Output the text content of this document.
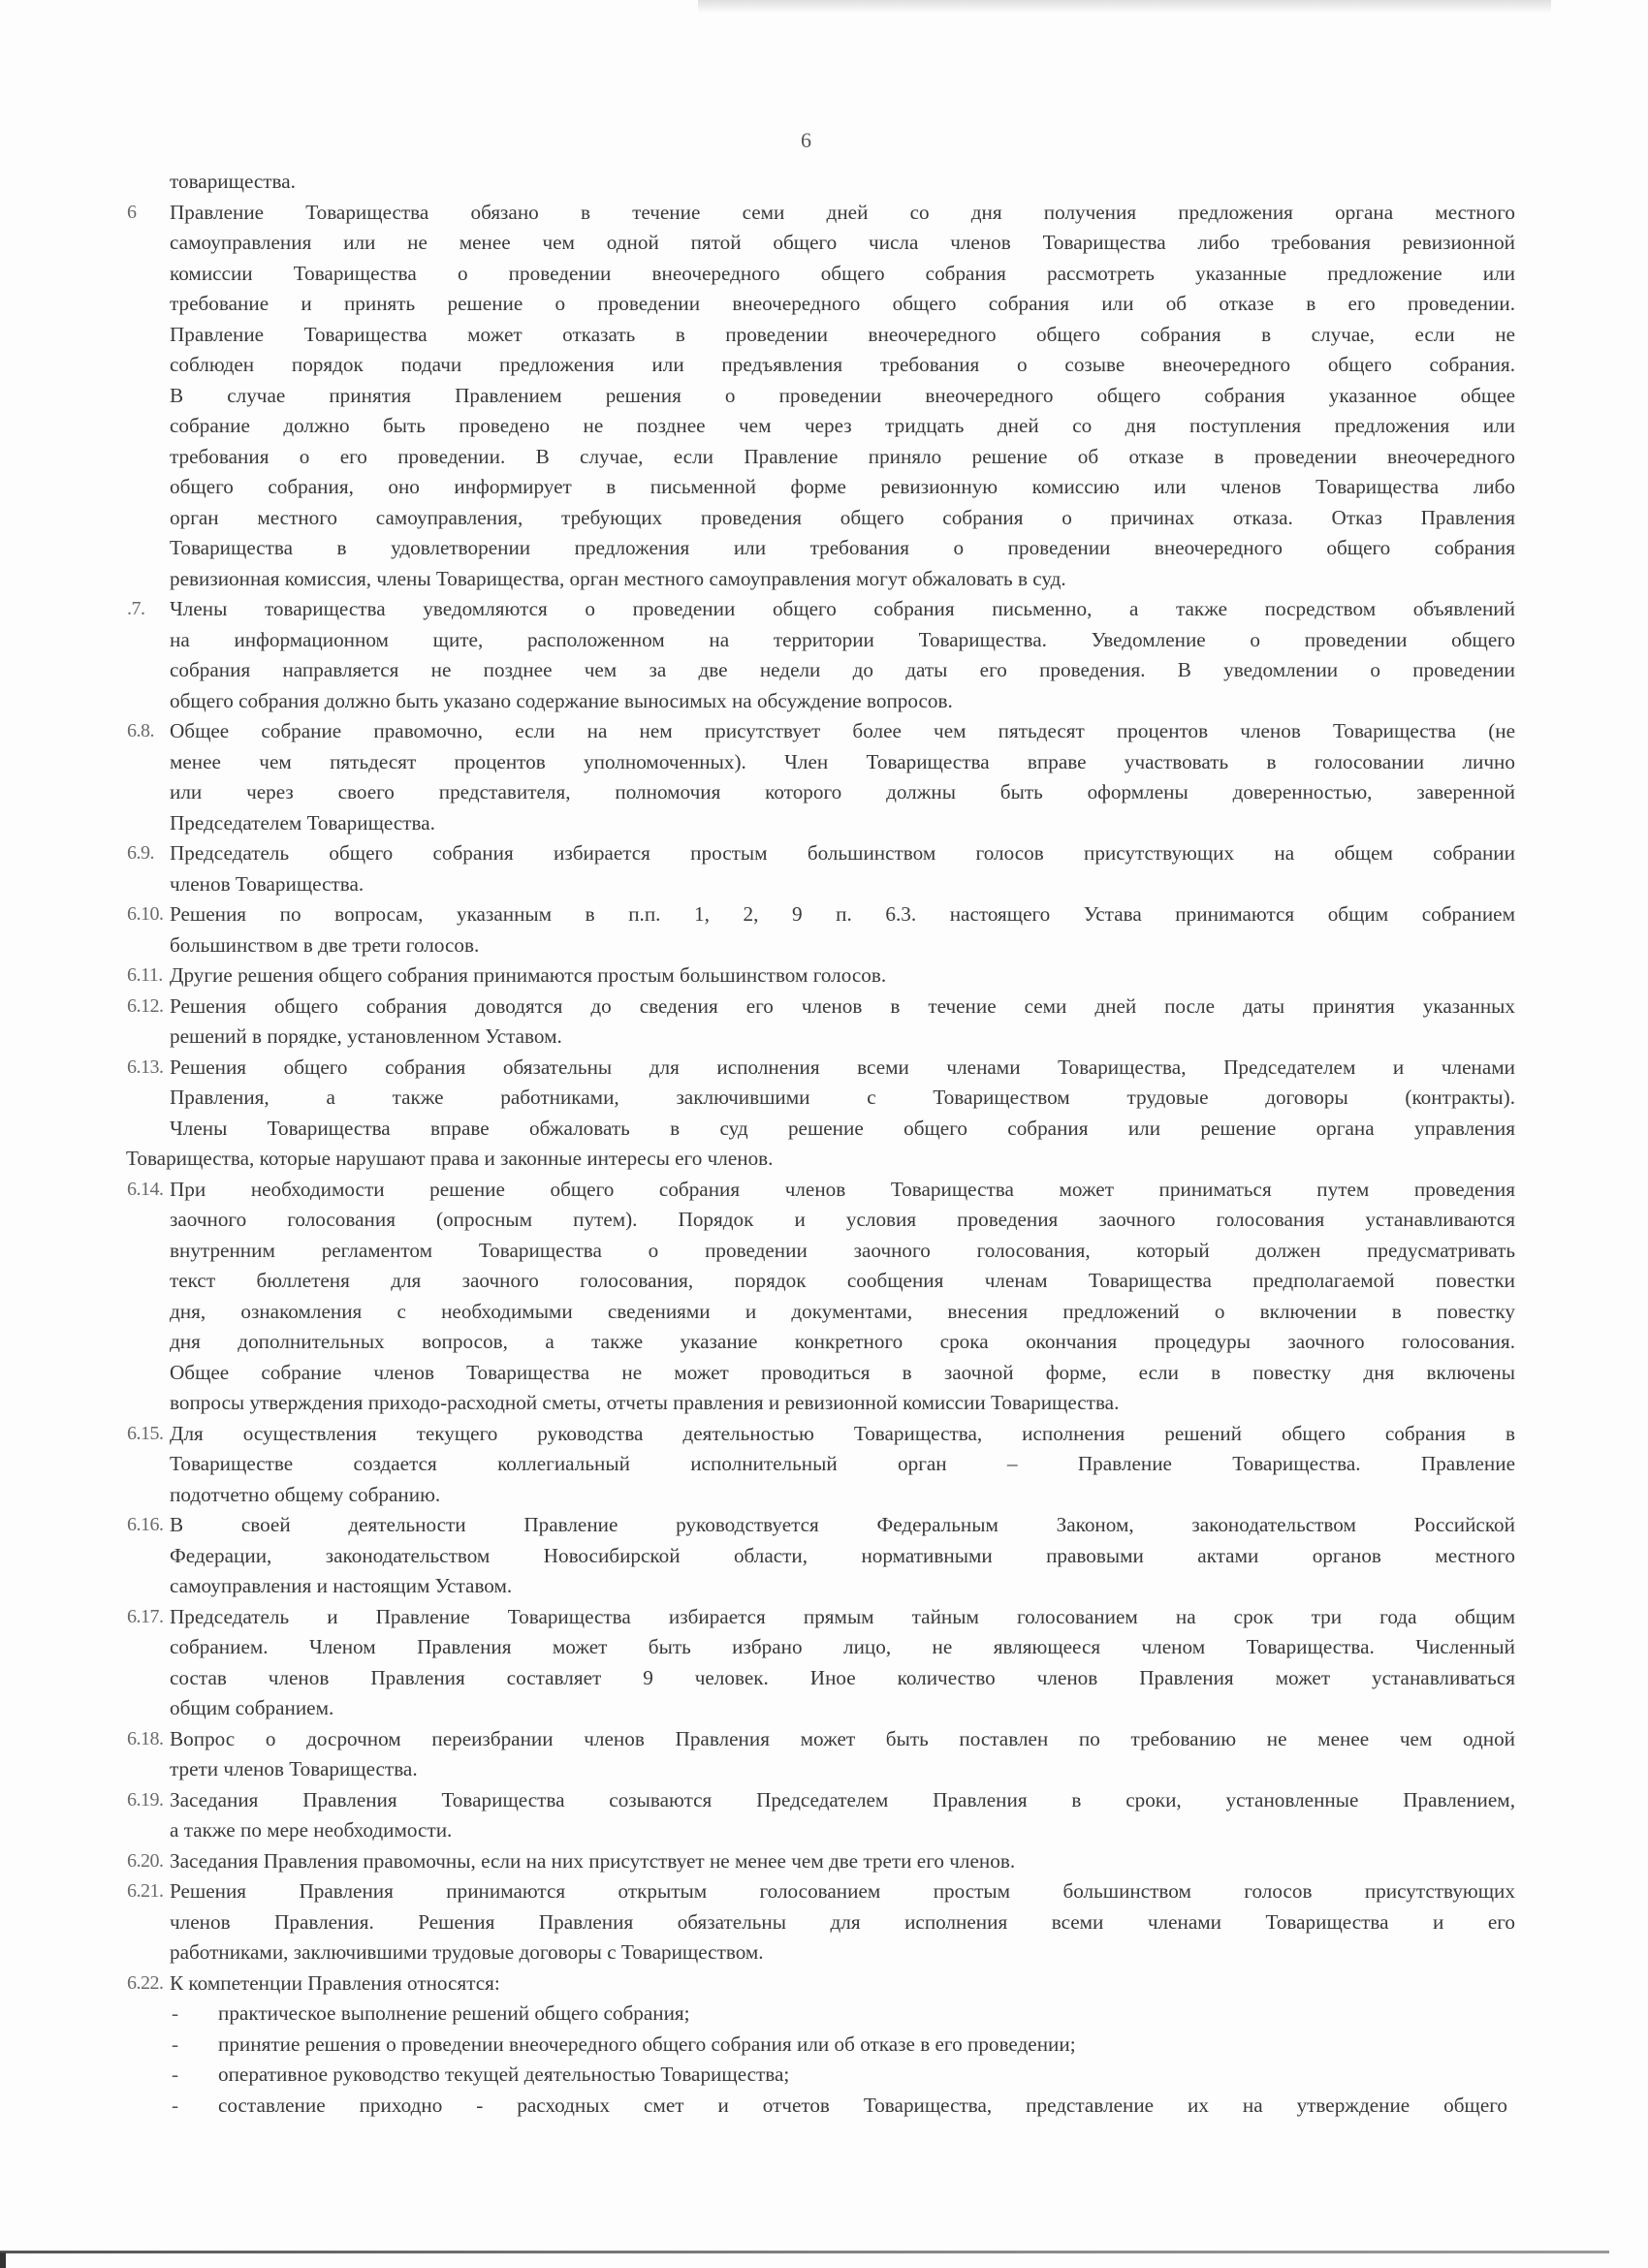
6
товарищества.
6 Правление Товарищества обязано в течение семи дней со дня получения предложения органа местного
самоуправления или не менее чем одной пятой общего числа членов Товарищества либо требования ревизионной
комиссии Товарищества о проведении внеочередного общего собрания рассмотреть указанные предложение или
требование и принять решение о проведении внеочередного общего собрания или об отказе в его проведении.
Правление Товарищества может отказать в проведении внеочередного общего собрания в случае, если не
соблюден порядок подачи предложения или предъявления требования о созыве внеочередного общего собрания.
В случае принятия Правлением решения о проведении внеочередного общего собрания указанное общее
собрание должно быть проведено не позднее чем через тридцать дней со дня поступления предложения или
требования о его проведении. В случае, если Правление приняло решение об отказе в проведении внеочередного
общего собрания, оно информирует в письменной форме ревизионную комиссию или членов Товарищества либо
орган местного самоуправления, требующих проведения общего собрания о причинах отказа. Отказ Правления
Товарищества в удовлетворении предложения или требования о проведении внеочередного общего собрания
ревизионная комиссия, члены Товарищества, орган местного самоуправления могут обжаловать в суд.
.7. Члены товарищества уведомляются о проведении общего собрания письменно, а также посредством объявлений
на информационном щите, расположенном на территории Товарищества. Уведомление о проведении общего
собрания направляется не позднее чем за две недели до даты его проведения. В уведомлении о проведении
общего собрания должно быть указано содержание выносимых на обсуждение вопросов.
6.8. Общее собрание правомочно, если на нем присутствует более чем пятьдесят процентов членов Товарищества (не
менее чем пятьдесят процентов уполномоченных). Член Товарищества вправе участвовать в голосовании лично
или через своего представителя, полномочия которого должны быть оформлены доверенностью, заверенной
Председателем Товарищества.
6.9. Председатель общего собрания избирается простым большинством голосов присутствующих на общем собрании
членов Товарищества.
6.10. Решения по вопросам, указанным в п.п. 1, 2, 9 п. 6.3. настоящего Устава принимаются общим собранием
большинством в две трети голосов.
6.11. Другие решения общего собрания принимаются простым большинством голосов.
6.12. Решения общего собрания доводятся до сведения его членов в течение семи дней после даты принятия указанных
решений в порядке, установленном Уставом.
6.13. Решения общего собрания обязательны для исполнения всеми членами Товарищества, Председателем и членами
Правления, а также работниками, заключившими с Товариществом трудовые договоры (контракты).
Члены Товарищества вправе обжаловать в суд решение общего собрания или решение органа управления
Товарищества, которые нарушают права и законные интересы его членов.
6.14. При необходимости решение общего собрания членов Товарищества может приниматься путем проведения
заочного голосования (опросным путем). Порядок и условия проведения заочного голосования устанавливаются
внутренним регламентом Товарищества о проведении заочного голосования, который должен предусматривать
текст бюллетеня для заочного голосования, порядок сообщения членам Товарищества предполагаемой повестки
дня, ознакомления с необходимыми сведениями и документами, внесения предложений о включении в повестку
дня дополнительных вопросов, а также указание конкретного срока окончания процедуры заочного голосования.
Общее собрание членов Товарищества не может проводиться в заочной форме, если в повестку дня включены
вопросы утверждения приходо-расходной сметы, отчеты правления и ревизионной комиссии Товарищества.
6.15. Для осуществления текущего руководства деятельностью Товарищества, исполнения решений общего собрания в
Товариществе создается коллегиальный исполнительный орган – Правление Товарищества. Правление
подотчетно общему собранию.
6.16. В своей деятельности Правление руководствуется Федеральным Законом, законодательством Российской
Федерации, законодательством Новосибирской области, нормативными правовыми актами органов местного
самоуправления и настоящим Уставом.
6.17. Председатель и Правление Товарищества избирается прямым тайным голосованием на срок три года общим
собранием. Членом Правления может быть избрано лицо, не являющееся членом Товарищества. Численный
состав членов Правления составляет 9 человек. Иное количество членов Правления может устанавливаться
общим собранием.
6.18. Вопрос о досрочном переизбрании членов Правления может быть поставлен по требованию не менее чем одной
трети членов Товарищества.
6.19. Заседания Правления Товарищества созываются Председателем Правления в сроки, установленные Правлением,
а также по мере необходимости.
6.20. Заседания Правления правомочны, если на них присутствует не менее чем две трети его членов.
6.21. Решения Правления принимаются открытым голосованием простым большинством голосов присутствующих
членов Правления. Решения Правления обязательны для исполнения всеми членами Товарищества и его
работниками, заключившими трудовые договоры с Товариществом.
6.22. К компетенции Правления относятся:
- практическое выполнение решений общего собрания;
- принятие решения о проведении внеочередного общего собрания или об отказе в его проведении;
- оперативное руководство текущей деятельностью Товарищества;
- составление приходно - расходных смет и отчетов Товарищества, представление их на утверждение общего
